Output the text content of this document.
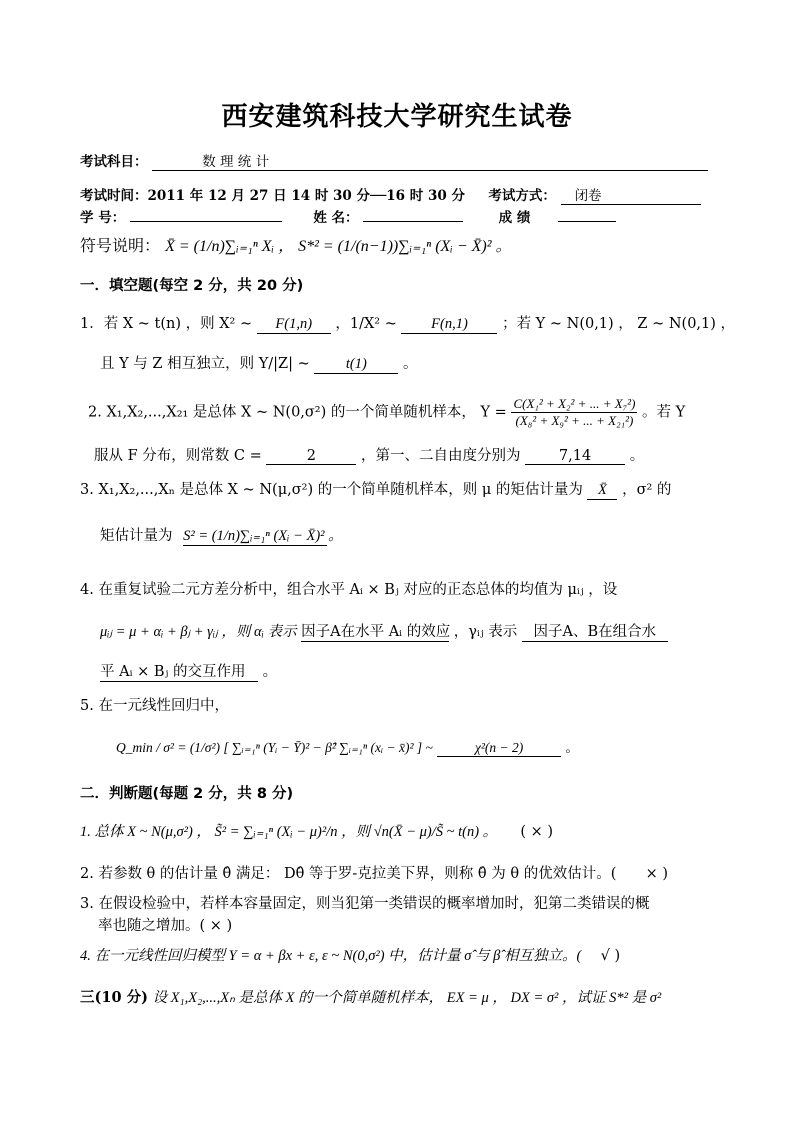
西安建筑科技大学研究生试卷
考试科目：	数 理 统 计
考试时间：2011 年 12 月 27 日 14 时 30 分──16 时 30 分 考试方式： 闭卷
学 号：	姓 名：	成 绩
符号说明： X̄ = (1/n)∑ᵢ₌₁ⁿ Xᵢ ， S*² = (1/(n−1))∑ᵢ₌₁ⁿ (Xᵢ − X̄)² 。
一．填空题(每空 2 分，共 20 分)
1．若 X ~ t(n) ，则 X² ~ F(1,n) ，1/X² ~ F(n,1) ；若 Y ~ N(0,1) ， Z ~ N(0,1) ，
且 Y 与 Z 相互独立，则 Y/|Z| ~ t(1) 。
2. X₁,X₂,...,X₂₁ 是总体 X ~ N(0,σ²) 的一个简单随机样本， $Y = \frac{\text{C(X₁² + X₂² + ... + X₇²)}}{\text{(X₈² + X₉² + ... + X₂₁²)}}$ 。若 Y
服从 F 分布，则常数 C =	2	，第一、二自由度分别为	7,14	。
3. X₁,X₂,...,Xₙ 是总体 X ~ N(μ,σ²) 的一个简单随机样本，则 μ 的矩估计量为 X̄ ，σ² 的
矩估计量为 S² = (1/n)∑ᵢ₌₁ⁿ (Xᵢ − X̄)² 。
4. 在重复试验二元方差分析中，组合水平 Aᵢ × Bⱼ 对应的正态总体的均值为 μᵢⱼ ，设
μᵢⱼ = μ + αᵢ + βⱼ + γᵢⱼ ，则 αᵢ 表示 因子A在水平 Aᵢ 的效应 ，γᵢⱼ 表示 因子A、B在组合水
平 Aᵢ × Bⱼ 的交互作用 。
5. 在一元线性回归中，
Q_min / σ² = (1/σ²) [ ∑ᵢ₌₁ⁿ (Yᵢ − Ȳ)² − β̂² ∑ᵢ₌₁ⁿ (xᵢ − x̄)² ] ~	χ²(n − 2)	。
二．判断题(每题 2 分，共 8 分)
1. 总体 X ~ N(μ,σ²) ， S̃² = ∑ᵢ₌₁ⁿ (Xᵢ − μ)²/n ，则 √n(X̄ − μ)/S̃ ~ t(n) 。 ( × )
2. 若参数 θ 的估计量 θ̂ 满足： Dθ̂ 等于罗-克拉美下界，则称 θ̂ 为 θ 的优效估计。( × )
3. 在假设检验中，若样本容量固定，则当犯第一类错误的概率增加时，犯第二类错误的概
率也随之增加。( × )
4. 在一元线性回归模型 Y = α + βx + ε, ε ~ N(0,σ²) 中，估计量 σ̂ 与 β̂ 相互独立。( √ )
三(10 分) 设 X₁,X₂,...,Xₙ 是总体 X 的一个简单随机样本， EX = μ ， DX = σ² ，试证 S*² 是 σ²
